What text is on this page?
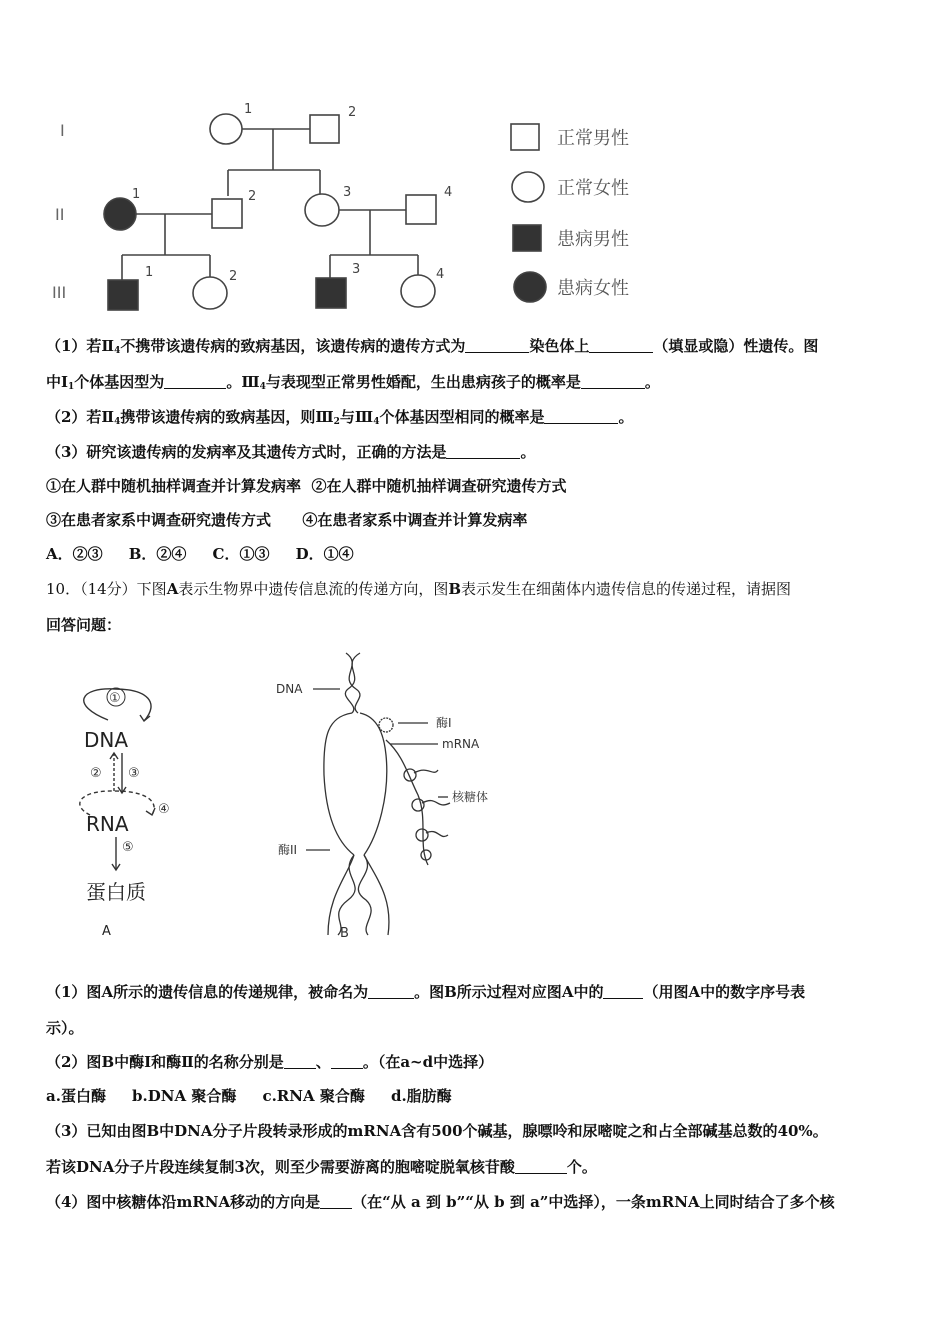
I
II
III
1	2
1	2	3	4
1	2	3	4
正常男性
正常女性
患病男性
患病女性
（1）若$Ⅱ_4$不携带该遗传病的致病基因，该遗传病的遗传方式为	染色体上	（填显或隐）性遗传。图
中$Ⅰ_1$个体基因型为	。$Ⅲ_4$与表现型正常男性婚配，生出患病孩子的概率是	。
（2）若$Ⅱ_4$携带该遗传病的致病基因，则$Ⅲ_2$与$Ⅲ_4$个体基因型相同的概率是	。
（3）研究该遗传病的发病率及其遗传方式时，正确的方法是	。
①在人群中随机抽样调查并计算发病率  ②在人群中随机抽样调查研究遗传方式
③在患者家系中调查研究遗传方式      ④在患者家系中调查并计算发病率
A．②③     B．②④     C．①③     D．①④
10．（14分）下图A表示生物界中遗传信息流的传递方向，图B表示发生在细菌体内遗传信息的传递过程，请据图
回答问题：
①
② ③
④
⑤
DNA
RNA
蛋白质
A
DNA
酶I
mRNA
核糖体
酶II
B
（1）图A所示的遗传信息的传递规律，被命名为	。图B所示过程对应图A中的	（用图A中的数字序号表
示）。
（2）图B中酶Ⅰ和酶Ⅱ的名称分别是 、 。（在a~d中选择）
a.蛋白酶     b.DNA 聚合酶     c.RNA 聚合酶     d.脂肪酶
（3）已知由图B中DNA分子片段转录形成的mRNA含有500个碱基，腺嘌呤和尿嘧啶之和占全部碱基总数的40%。
若该DNA分子片段连续复制3次，则至少需要游离的胞嘧啶脱氧核苷酸	个。
（4）图中核糖体沿mRNA移动的方向是 （在“从 a 到 b”“从 b 到 a”中选择），一条mRNA上同时结合了多个核
